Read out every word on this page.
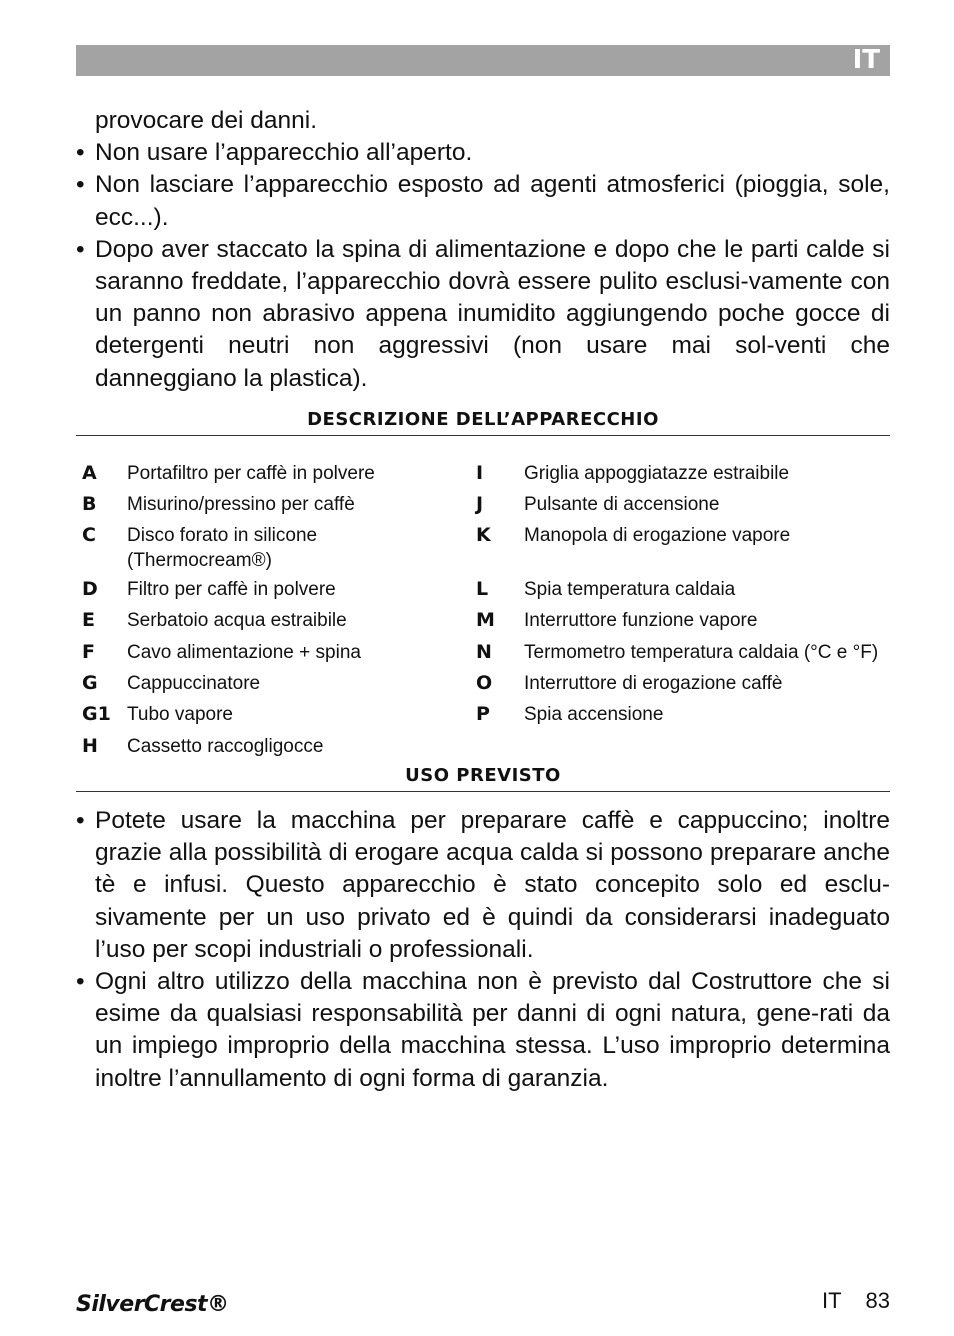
IT
provocare dei danni.
• Non usare l’apparecchio all’aperto.
• Non lasciare l’apparecchio esposto ad agenti atmosferici (pioggia, sole, ecc...).
• Dopo aver staccato la spina di alimentazione e dopo che le parti calde si saranno freddate, l’apparecchio dovrà essere pulito esclusi-vamente con un panno non abrasivo appena inumidito aggiungendo poche gocce di detergenti neutri non aggressivi (non usare mai sol-venti che danneggiano la plastica).
DESCRIZIONE DELL’APPARECCHIO
A Portafiltro per caffè in polvere
B Misurino/pressino per caffè
C Disco forato in silicone
(Thermocream®)
D Filtro per caffè in polvere
E Serbatoio acqua estraibile
F Cavo alimentazione + spina
G Cappuccinatore
G1 Tubo vapore
H Cassetto raccogligocce
I Griglia appoggiatazze estraibile
J Pulsante di accensione
K Manopola di erogazione vapore
L Spia temperatura caldaia
M Interruttore funzione vapore
N Termometro temperatura caldaia (°C e °F)
O Interruttore di erogazione caffè
P Spia accensione
USO PREVISTO
• Potete usare la macchina per preparare caffè e cappuccino; inoltre grazie alla possibilità di erogare acqua calda si possono preparare anche tè e infusi. Questo apparecchio è stato concepito solo ed esclu-sivamente per un uso privato ed è quindi da considerarsi inadeguato l’uso per scopi industriali o professionali.
• Ogni altro utilizzo della macchina non è previsto dal Costruttore che si esime da qualsiasi responsabilità per danni di ogni natura, gene-rati da un impiego improprio della macchina stessa. L’uso improprio determina inoltre l’annullamento di ogni forma di garanzia.
SilverCrest®	IT 83
